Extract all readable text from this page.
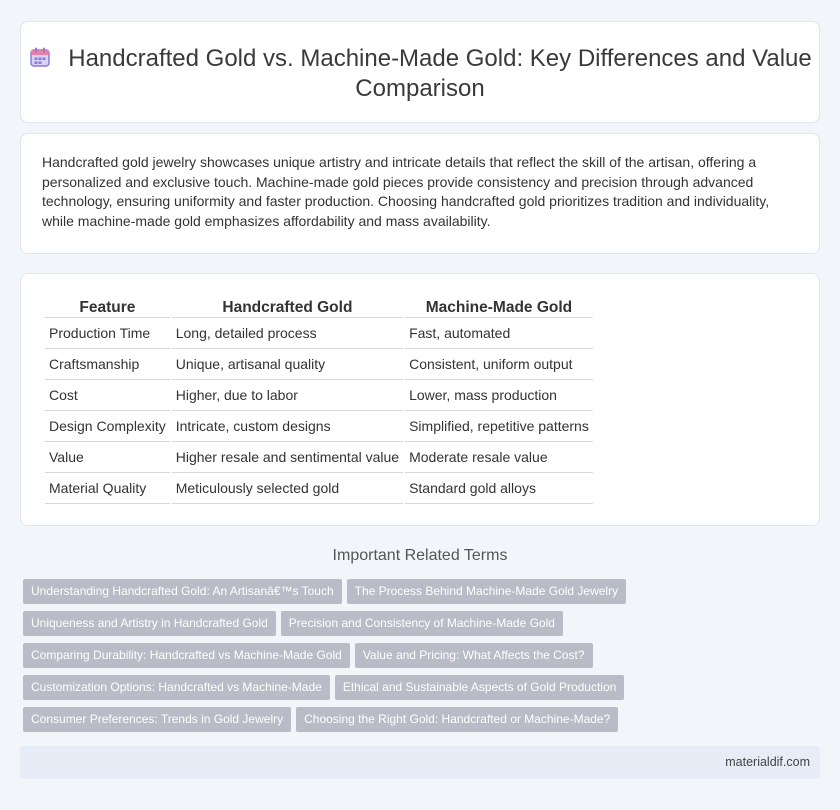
Handcrafted Gold vs. Machine-Made Gold: Key Differences and Value Comparison

Handcrafted gold jewelry showcases unique artistry and intricate details that reflect the skill of the artisan, offering a personalized and exclusive touch. Machine-made gold pieces provide consistency and precision through advanced technology, ensuring uniformity and faster production. Choosing handcrafted gold prioritizes tradition and individuality, while machine-made gold emphasizes affordability and mass availability.

Feature	Handcrafted Gold	Machine-Made Gold
Production Time	Long, detailed process	Fast, automated
Craftsmanship	Unique, artisanal quality	Consistent, uniform output
Cost	Higher, due to labor	Lower, mass production
Design Complexity	Intricate, custom designs	Simplified, repetitive patterns
Value	Higher resale and sentimental value	Moderate resale value
Material Quality	Meticulously selected gold	Standard gold alloys
Important Related Terms
Understanding Handcrafted Gold: An Artisanâ€™s Touch The Process Behind Machine-Made Gold Jewelry
Uniqueness and Artistry in Handcrafted Gold Precision and Consistency of Machine-Made Gold
Comparing Durability: Handcrafted vs Machine-Made Gold Value and Pricing: What Affects the Cost?
Customization Options: Handcrafted vs Machine-Made Ethical and Sustainable Aspects of Gold Production
Consumer Preferences: Trends in Gold Jewelry Choosing the Right Gold: Handcrafted or Machine-Made?
materialdif.com
